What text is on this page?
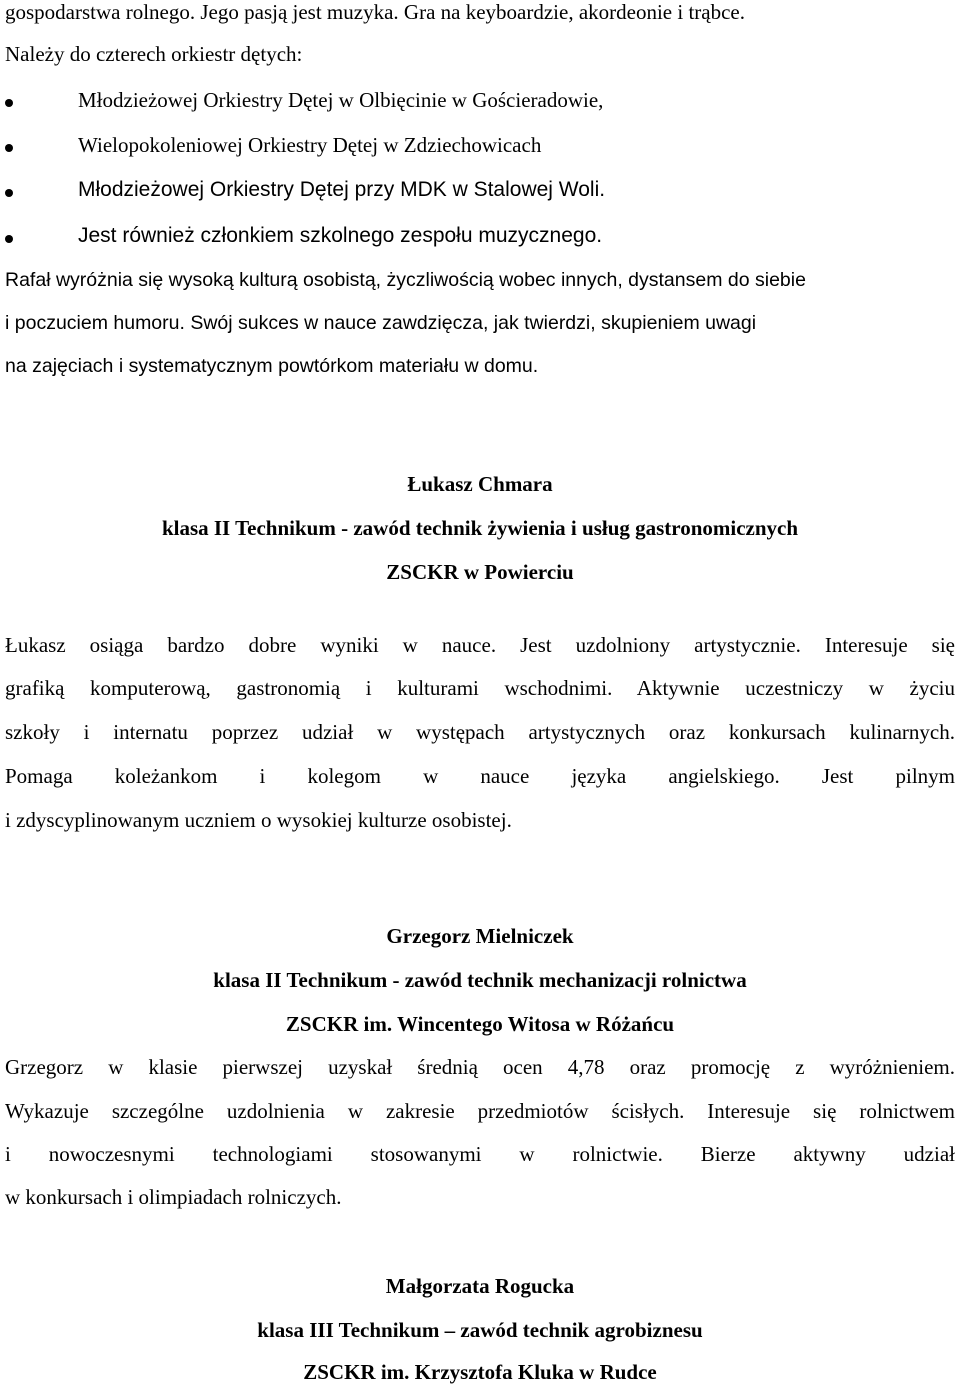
gospodarstwa rolnego. Jego pasją jest muzyka. Gra na keyboardzie, akordeonie i trąbce.
Należy do czterech orkiestr dętych:
Młodzieżowej Orkiestry Dętej w Olbięcinie w Gościeradowie,
Wielopokoleniowej Orkiestry Dętej w Zdziechowicach
Młodzieżowej Orkiestry Dętej przy MDK w Stalowej Woli.
Jest również członkiem szkolnego zespołu muzycznego.
Rafał wyróżnia się wysoką kulturą osobistą, życzliwością wobec innych, dystansem do siebie
i poczuciem humoru. Swój sukces w nauce zawdzięcza, jak twierdzi, skupieniem uwagi
na zajęciach i systematycznym powtórkom materiału w domu.
Łukasz Chmara
klasa II Technikum - zawód technik żywienia i usług gastronomicznych
ZSCKR w Powierciu
Łukasz osiąga bardzo dobre wyniki w nauce. Jest uzdolniony artystycznie. Interesuje się
grafiką komputerową, gastronomią i kulturami wschodnimi. Aktywnie uczestniczy w życiu
szkoły i internatu poprzez udział w występach artystycznych oraz konkursach kulinarnych.
Pomaga koleżankom i kolegom w nauce języka angielskiego. Jest pilnym
i zdyscyplinowanym uczniem o wysokiej kulturze osobistej.
Grzegorz Mielniczek
klasa II Technikum - zawód technik mechanizacji rolnictwa
ZSCKR im. Wincentego Witosa w Różańcu
Grzegorz w klasie pierwszej uzyskał średnią ocen 4,78 oraz promocję z wyróżnieniem.
Wykazuje szczególne uzdolnienia w zakresie przedmiotów ścisłych. Interesuje się rolnictwem
i nowoczesnymi technologiami stosowanymi w rolnictwie. Bierze aktywny udział
w konkursach i olimpiadach rolniczych.
Małgorzata Rogucka
klasa III Technikum – zawód technik agrobiznesu
ZSCKR im. Krzysztofa Kluka w Rudce
